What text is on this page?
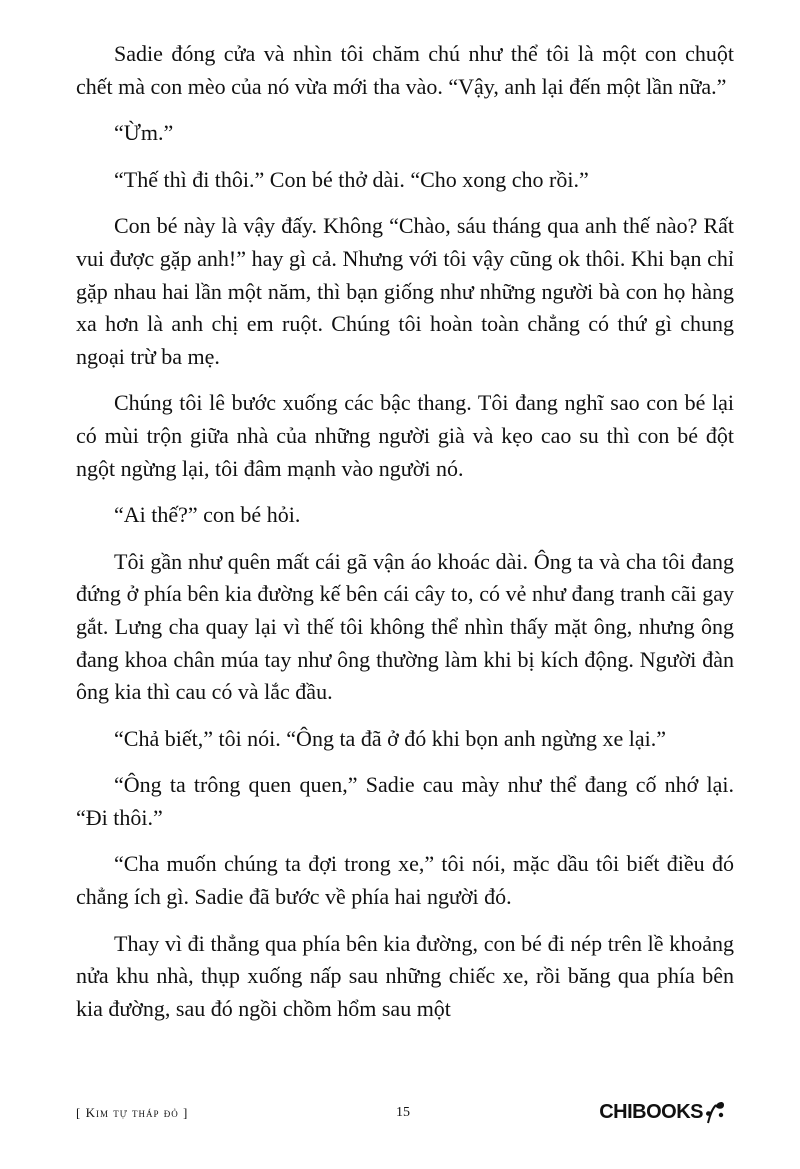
Sadie đóng cửa và nhìn tôi chăm chú như thể tôi là một con chuột chết mà con mèo của nó vừa mới tha vào. “Vậy, anh lại đến một lần nữa.”

“Ừm.”

“Thế thì đi thôi.” Con bé thở dài. “Cho xong cho rồi.”

Con bé này là vậy đấy. Không “Chào, sáu tháng qua anh thế nào? Rất vui được gặp anh!” hay gì cả. Nhưng với tôi vậy cũng ok thôi. Khi bạn chỉ gặp nhau hai lần một năm, thì bạn giống như những người bà con họ hàng xa hơn là anh chị em ruột. Chúng tôi hoàn toàn chẳng có thứ gì chung ngoại trừ ba mẹ.

Chúng tôi lê bước xuống các bậc thang. Tôi đang nghĩ sao con bé lại có mùi trộn giữa nhà của những người già và kẹo cao su thì con bé đột ngột ngừng lại, tôi đâm mạnh vào người nó.

“Ai thế?” con bé hỏi.

Tôi gần như quên mất cái gã vận áo khoác dài. Ông ta và cha tôi đang đứng ở phía bên kia đường kế bên cái cây to, có vẻ như đang tranh cãi gay gắt. Lưng cha quay lại vì thế tôi không thể nhìn thấy mặt ông, nhưng ông đang khoa chân múa tay như ông thường làm khi bị kích động. Người đàn ông kia thì cau có và lắc đầu.

“Chả biết,” tôi nói. “Ông ta đã ở đó khi bọn anh ngừng xe lại.”

“Ông ta trông quen quen,” Sadie cau mày như thể đang cố nhớ lại. “Đi thôi.”

“Cha muốn chúng ta đợi trong xe,” tôi nói, mặc dầu tôi biết điều đó chẳng ích gì. Sadie đã bước về phía hai người đó.

Thay vì đi thẳng qua phía bên kia đường, con bé đi nép trên lề khoảng nửa khu nhà, thụp xuống nấp sau những chiếc xe, rồi băng qua phía bên kia đường, sau đó ngồi chồm hổm sau một

[ Kim tự tháp đỏ ]	15	CHIBOOKS
